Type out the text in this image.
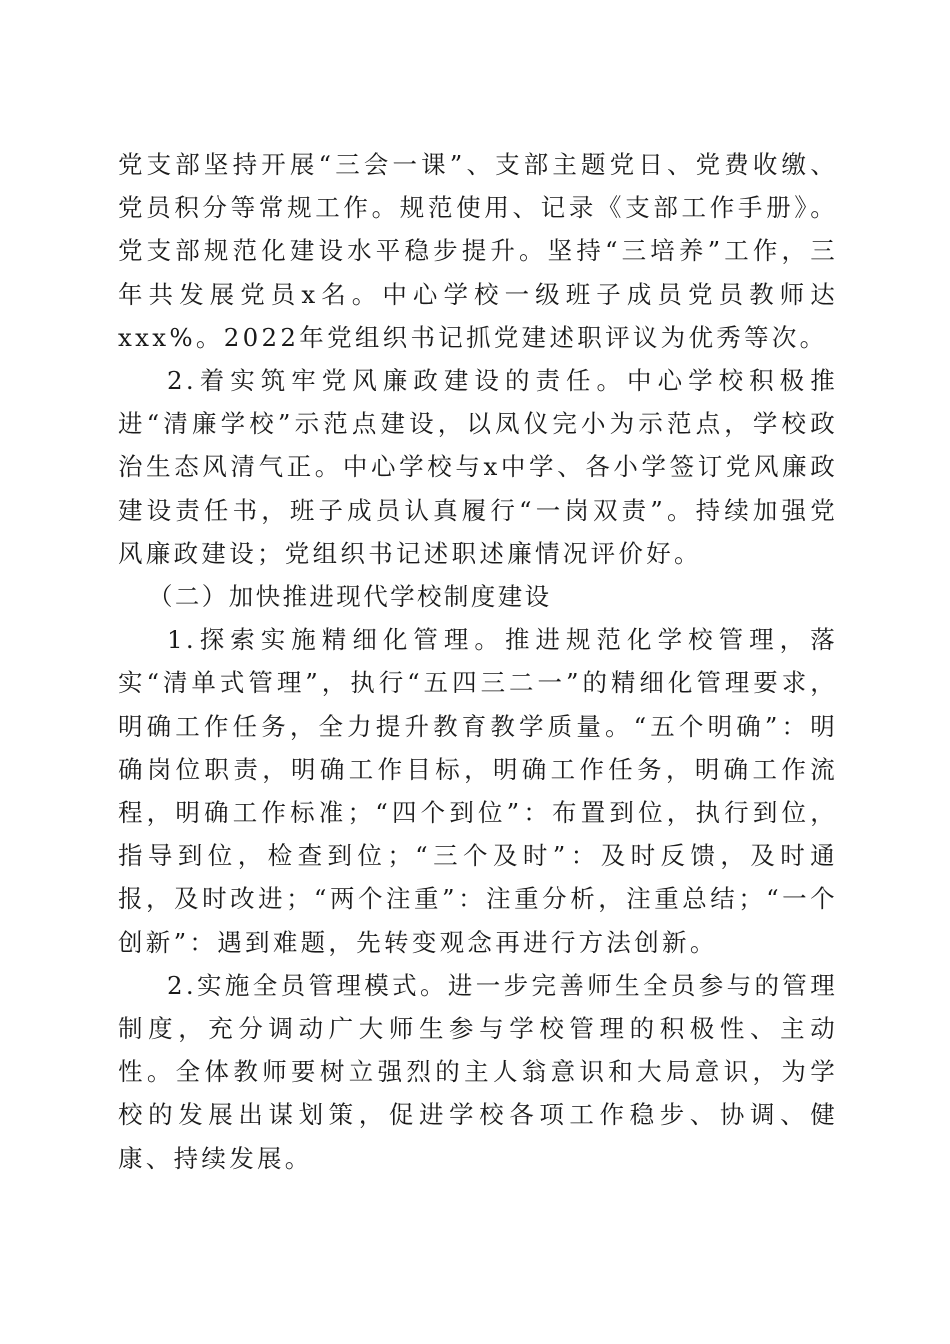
党支部坚持开展“三会一课”、支部主题党日、党费收缴、党员积分等常规工作。规范使用、记录《支部工作手册》。党支部规范化建设水平稳步提升。坚持“三培养”工作，三年共发展党员x名。中心学校一级班子成员党员教师达xxx%。2022年党组织书记抓党建述职评议为优秀等次。

2.着实筑牢党风廉政建设的责任。中心学校积极推进“清廉学校”示范点建设，以凤仪完小为示范点，学校政治生态风清气正。中心学校与x中学、各小学签订党风廉政建设责任书，班子成员认真履行“一岗双责”。持续加强党风廉政建设；党组织书记述职述廉情况评价好。

（二）加快推进现代学校制度建设

1.探索实施精细化管理。推进规范化学校管理，落实“清单式管理”，执行“五四三二一”的精细化管理要求，明确工作任务，全力提升教育教学质量。“五个明确”：明确岗位职责，明确工作目标，明确工作任务，明确工作流程，明确工作标准；“四个到位”：布置到位，执行到位，指导到位，检查到位；“三个及时”：及时反馈，及时通报，及时改进；“两个注重”：注重分析，注重总结；“一个创新”：遇到难题，先转变观念再进行方法创新。

2.实施全员管理模式。进一步完善师生全员参与的管理制度，充分调动广大师生参与学校管理的积极性、主动性。全体教师要树立强烈的主人翁意识和大局意识，为学校的发展出谋划策，促进学校各项工作稳步、协调、健康、持续发展。
